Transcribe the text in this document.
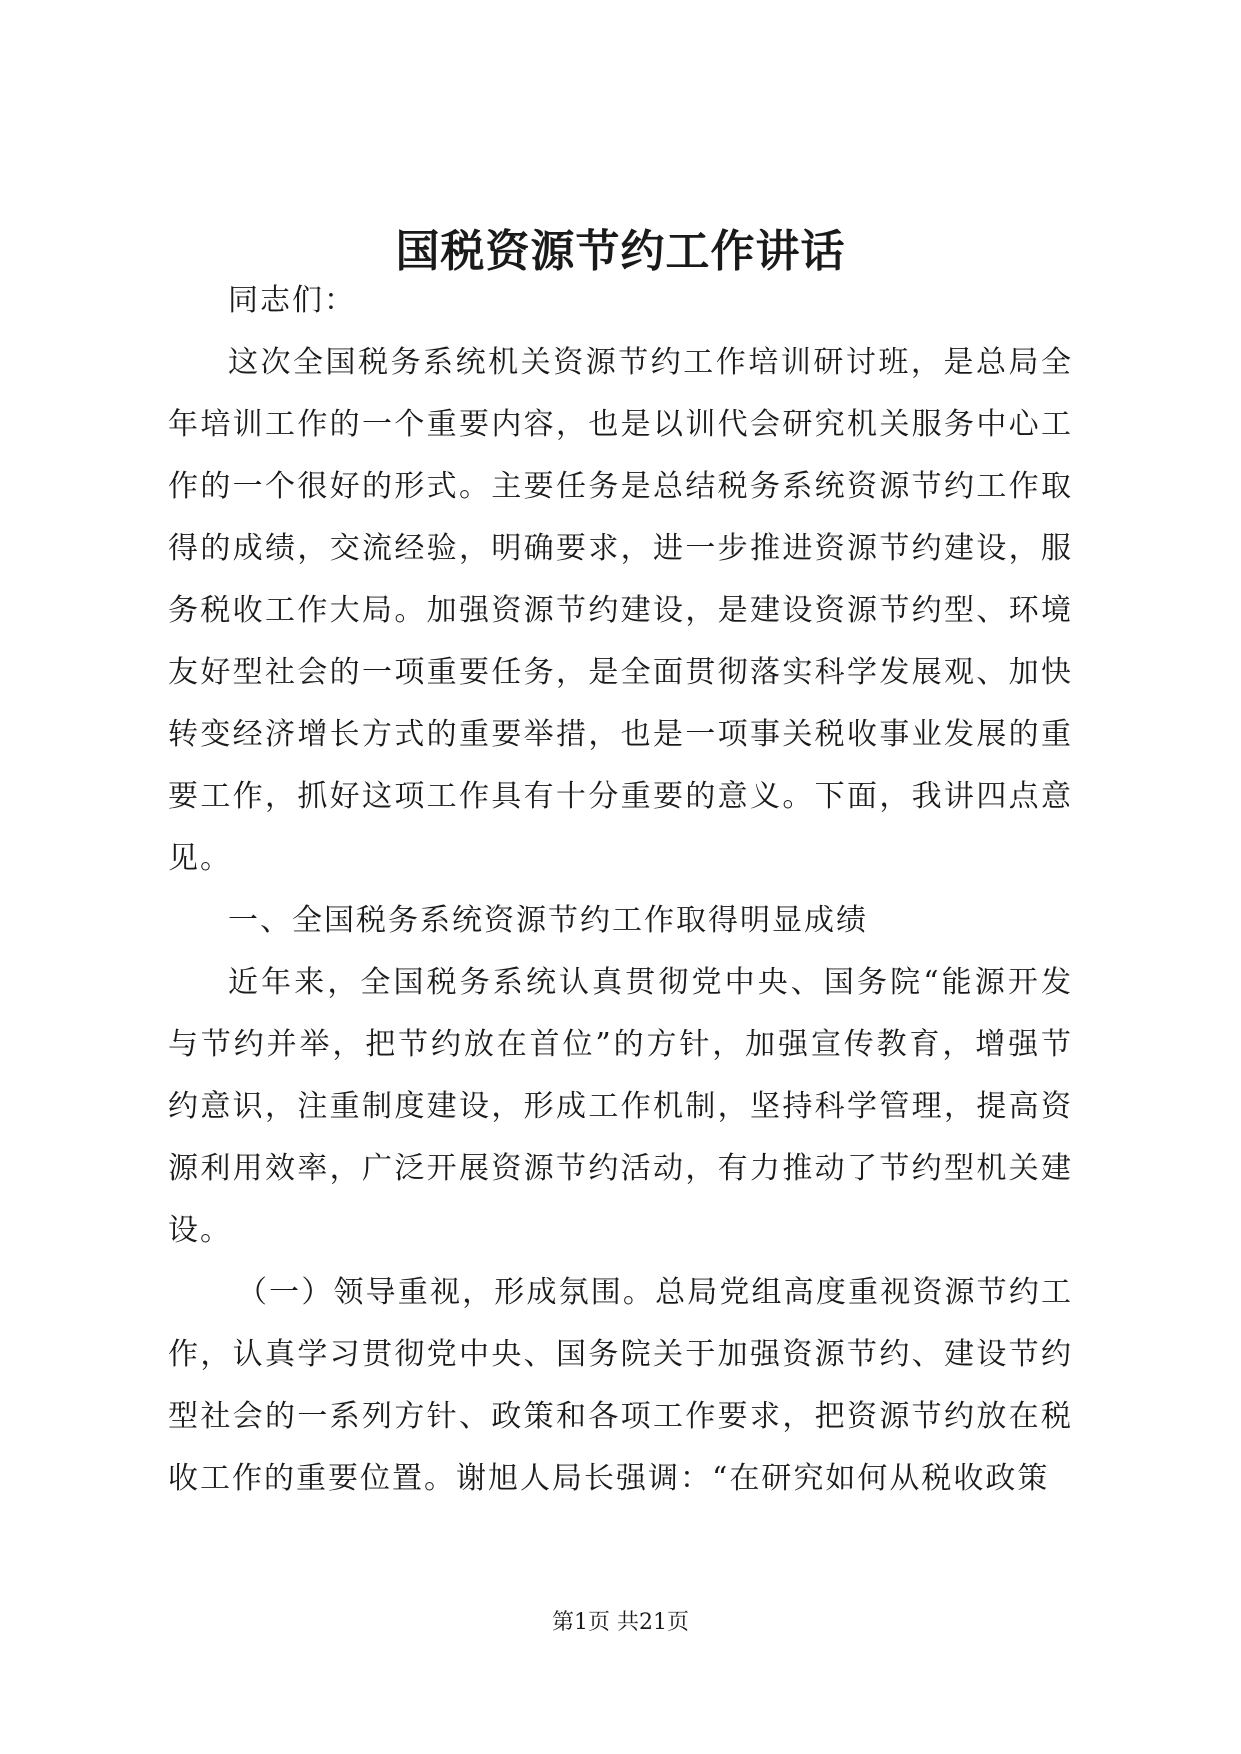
国税资源节约工作讲话

同志们：

这次全国税务系统机关资源节约工作培训研讨班，是总局全年培训工作的一个重要内容，也是以训代会研究机关服务中心工作的一个很好的形式。主要任务是总结税务系统资源节约工作取得的成绩，交流经验，明确要求，进一步推进资源节约建设，服务税收工作大局。加强资源节约建设，是建设资源节约型、环境友好型社会的一项重要任务，是全面贯彻落实科学发展观、加快转变经济增长方式的重要举措，也是一项事关税收事业发展的重要工作，抓好这项工作具有十分重要的意义。下面，我讲四点意见。

一、全国税务系统资源节约工作取得明显成绩

近年来，全国税务系统认真贯彻党中央、国务院“能源开发与节约并举，把节约放在首位”的方针，加强宣传教育，增强节约意识，注重制度建设，形成工作机制，坚持科学管理，提高资源利用效率，广泛开展资源节约活动，有力推动了节约型机关建设。

（一）领导重视，形成氛围。总局党组高度重视资源节约工作，认真学习贯彻党中央、国务院关于加强资源节约、建设节约型社会的一系列方针、政策和各项工作要求，把资源节约放在税收工作的重要位置。谢旭人局长强调：“在研究如何从税收政策

第1页 共21页
